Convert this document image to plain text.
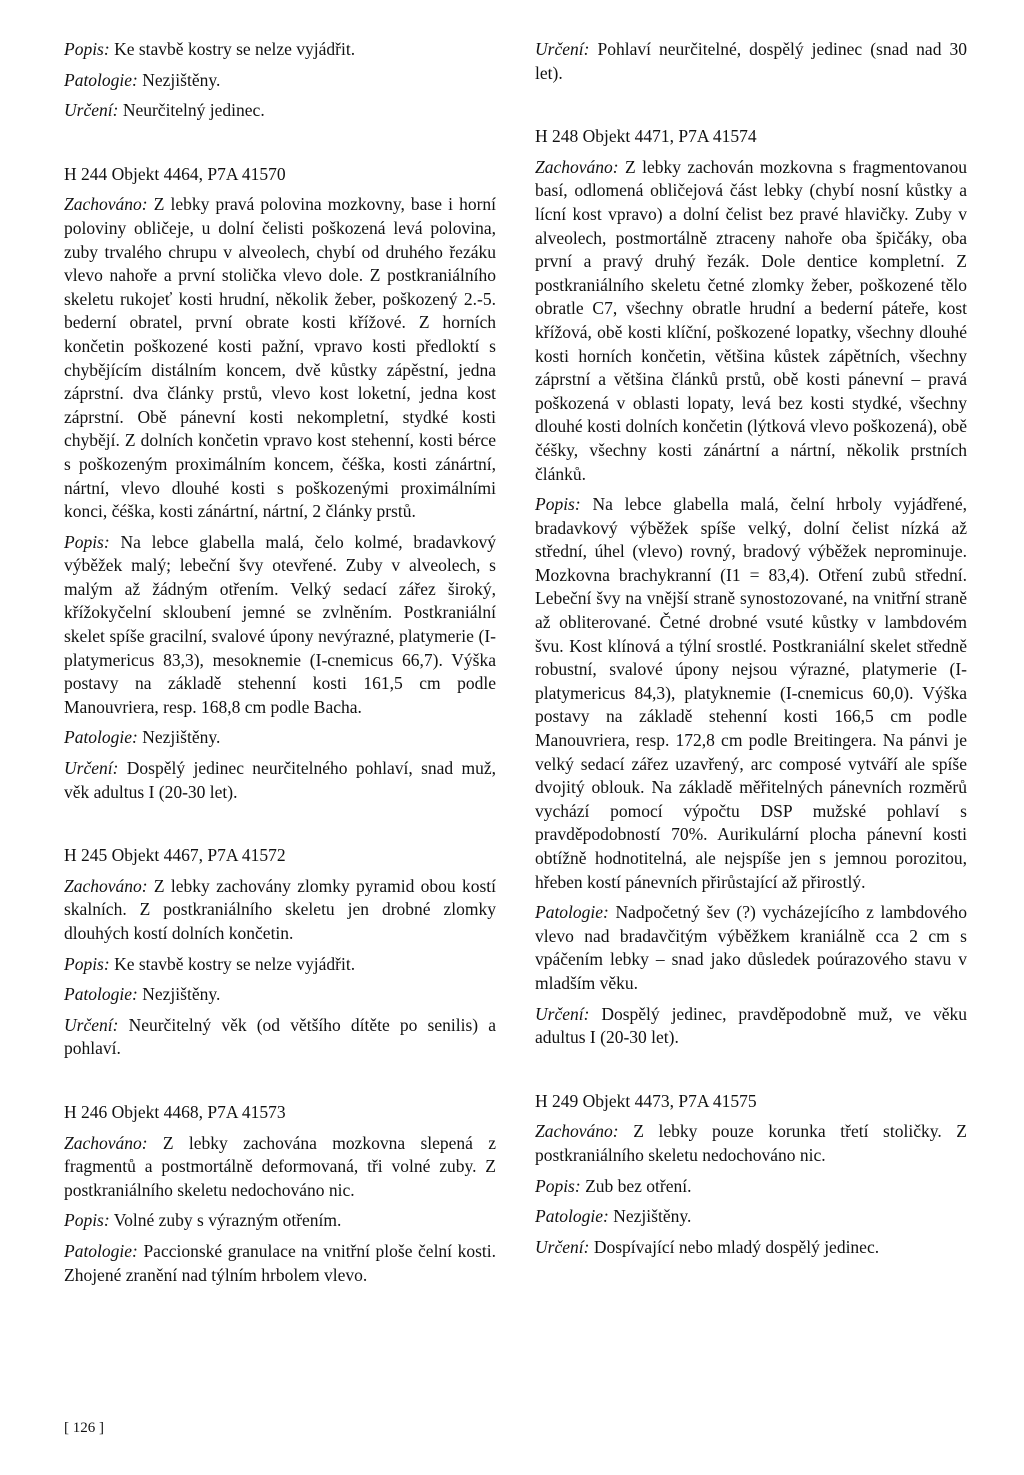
Popis: Ke stavbě kostry se nelze vyjádřit.

Patologie: Nezjištěny.

Určení: Neurčitelný jedinec.

H 244 Objekt 4464, P7A 41570

Zachováno: Z lebky pravá polovina mozkovny, base i horní poloviny obličeje, u dolní čelisti poškozená levá polovina, zuby trvalého chrupu v alveolech, chybí od druhého řezáku vlevo nahoře a první stolička vlevo dole. Z postkraniálního skeletu rukojeť kosti hrudní, několik žeber, poškozený 2.-5. bederní obratel, první obrate kosti křížové. Z horních končetin poškozené kosti pažní, vpravo kosti předloktí s chybějícím distálním koncem, dvě kůstky zápěstní, jedna záprstní. dva články prstů, vlevo kost loketní, jedna kost záprstní. Obě pánevní kosti nekompletní, stydké kosti chybějí. Z dolních končetin vpravo kost stehenní, kosti bérce s poškozeným proximálním koncem, čéška, kosti zánártní, nártní, vlevo dlouhé kosti s poškozenými proximálními konci, čéška, kosti zánártní, nártní, 2 články prstů.

Popis: Na lebce glabella malá, čelo kolmé, bradavkový výběžek malý; lebeční švy otevřené. Zuby v alveolech, s malým až žádným otřením. Velký sedací zářez široký, křížokyčelní skloubení jemné se zvlněním. Postkraniální skelet spíše gracilní, svalové úpony nevýrazné, platymerie (I-platymericus 83,3), mesoknemie (I-cnemicus 66,7). Výška postavy na základě stehenní kosti 161,5 cm podle Manouvriera, resp. 168,8 cm podle Bacha.

Patologie: Nezjištěny.

Určení: Dospělý jedinec neurčitelného pohlaví, snad muž, věk adultus I (20-30 let).

H 245 Objekt 4467, P7A 41572

Zachováno: Z lebky zachovány zlomky pyramid obou kostí skalních. Z postkraniálního skeletu jen drobné zlomky dlouhých kostí dolních končetin.

Popis: Ke stavbě kostry se nelze vyjádřit.

Patologie: Nezjištěny.

Určení: Neurčitelný věk (od většího dítěte po senilis) a pohlaví.

H 246 Objekt 4468, P7A 41573

Zachováno: Z lebky zachována mozkovna slepená z fragmentů a postmortálně deformovaná, tři volné zuby. Z postkraniálního skeletu nedochováno nic.

Popis: Volné zuby s výrazným otřením.

Patologie: Paccionské granulace na vnitřní ploše čelní kosti. Zhojené zranění nad týlním hrbolem vlevo.

Určení: Pohlaví neurčitelné, dospělý jedinec (snad nad 30 let).

H 248 Objekt 4471, P7A 41574

Zachováno: Z lebky zachován mozkovna s fragmentovanou basí, odlomená obličejová část lebky (chybí nosní kůstky a lícní kost vpravo) a dolní čelist bez pravé hlavičky. Zuby v alveolech, postmortálně ztraceny nahoře oba špičáky, oba první a pravý druhý řezák. Dole dentice kompletní. Z postkraniálního skeletu četné zlomky žeber, poškozené tělo obratle C7, všechny obratle hrudní a bederní páteře, kost křížová, obě kosti klíční, poškozené lopatky, všechny dlouhé kosti horních končetin, většina kůstek zápětních, všechny záprstní a většina článků prstů, obě kosti pánevní – pravá poškozená v oblasti lopaty, levá bez kosti stydké, všechny dlouhé kosti dolních končetin (lýtková vlevo poškozená), obě čéšky, všechny kosti zánártní a nártní, několik prstních článků.

Popis: Na lebce glabella malá, čelní hrboly vyjádřené, bradavkový výběžek spíše velký, dolní čelist nízká až střední, úhel (vlevo) rovný, bradový výběžek neprominuje. Mozkovna brachykranní (I1 = 83,4). Otření zubů střední. Lebeční švy na vnější straně synostozované, na vnitřní straně až obliterované. Četné drobné vsuté kůstky v lambdovém švu. Kost klínová a týlní srostlé. Postkraniální skelet středně robustní, svalové úpony nejsou výrazné, platymerie (I-platymericus 84,3), platyknemie (I-cnemicus 60,0). Výška postavy na základě stehenní kosti 166,5 cm podle Manouvriera, resp. 172,8 cm podle Breitingera. Na pánvi je velký sedací zářez uzavřený, arc composé vytváří ale spíše dvojitý oblouk. Na základě měřitelných pánevních rozměrů vychází pomocí výpočtu DSP mužské pohlaví s pravděpodobností 70%. Aurikulární plocha pánevní kosti obtížně hodnotitelná, ale nejspíše jen s jemnou porozitou, hřeben kostí pánevních přirůstající až přirostlý.

Patologie: Nadpočetný šev (?) vycházejícího z lambdového vlevo nad bradavčitým výběžkem kraniálně cca 2 cm s vpáčením lebky – snad jako důsledek poúrazového stavu v mladším věku.

Určení: Dospělý jedinec, pravděpodobně muž, ve věku adultus I (20-30 let).

H 249 Objekt 4473, P7A 41575

Zachováno: Z lebky pouze korunka třetí stoličky. Z postkraniálního skeletu nedochováno nic.

Popis: Zub bez otření.

Patologie: Nezjištěny.

Určení: Dospívající nebo mladý dospělý jedinec.

[ 126 ]
